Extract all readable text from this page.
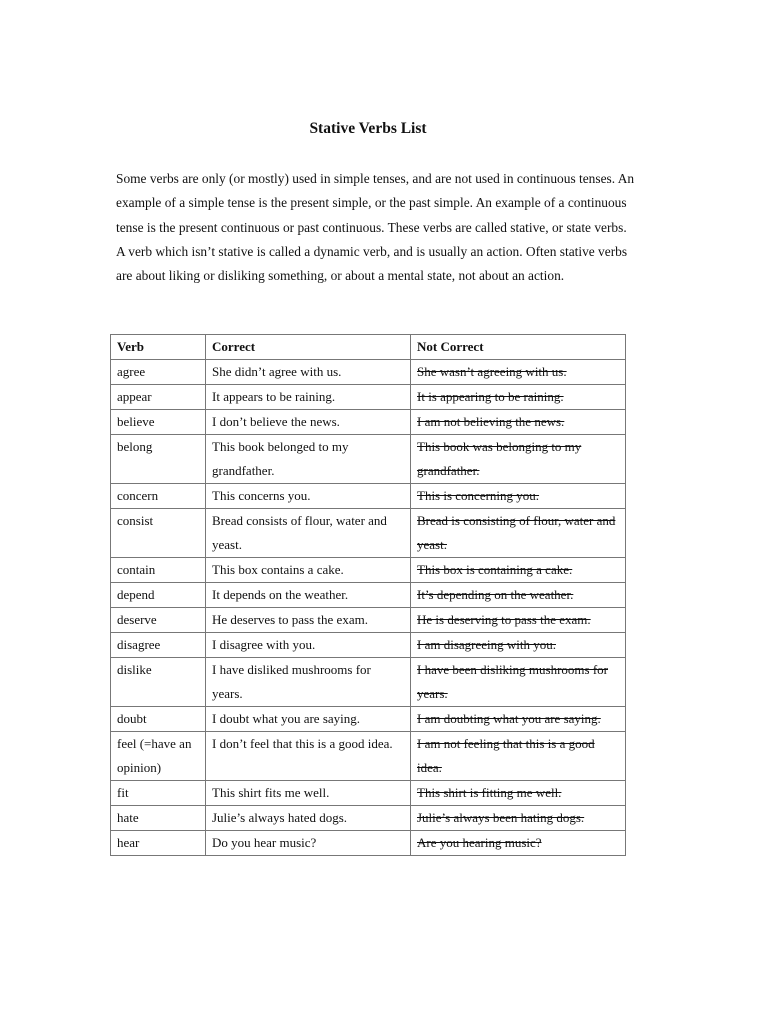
Stative Verbs List

Some verbs are only (or mostly) used in simple tenses, and are not used in continuous tenses. An example of a simple tense is the present simple, or the past simple. An example of a continuous tense is the present continuous or past continuous. These verbs are called stative, or state verbs. A verb which isn’t stative is called a dynamic verb, and is usually an action. Often stative verbs are about liking or disliking something, or about a mental state, not about an action.

Verb	Correct	Not Correct
agree	She didn’t agree with us.	She wasn’t agreeing with us.
appear	It appears to be raining.	It is appearing to be raining.
believe	I don’t believe the news.	I am not believing the news.
belong	This book belonged to my grandfather.	This book was belonging to my grandfather.
concern	This concerns you.	This is concerning you.
consist	Bread consists of flour, water and yeast.	Bread is consisting of flour, water and yeast.
contain	This box contains a cake.	This box is containing a cake.
depend	It depends on the weather.	It’s depending on the weather.
deserve	He deserves to pass the exam.	He is deserving to pass the exam.
disagree	I disagree with you.	I am disagreeing with you.
dislike	I have disliked mushrooms for years.	I have been disliking mushrooms for years.
doubt	I doubt what you are saying.	I am doubting what you are saying.
feel (=have an opinion)	I don’t feel that this is a good idea.	I am not feeling that this is a good idea.
fit	This shirt fits me well.	This shirt is fitting me well.
hate	Julie’s always hated dogs.	Julie’s always been hating dogs.
hear	Do you hear music?	Are you hearing music?
